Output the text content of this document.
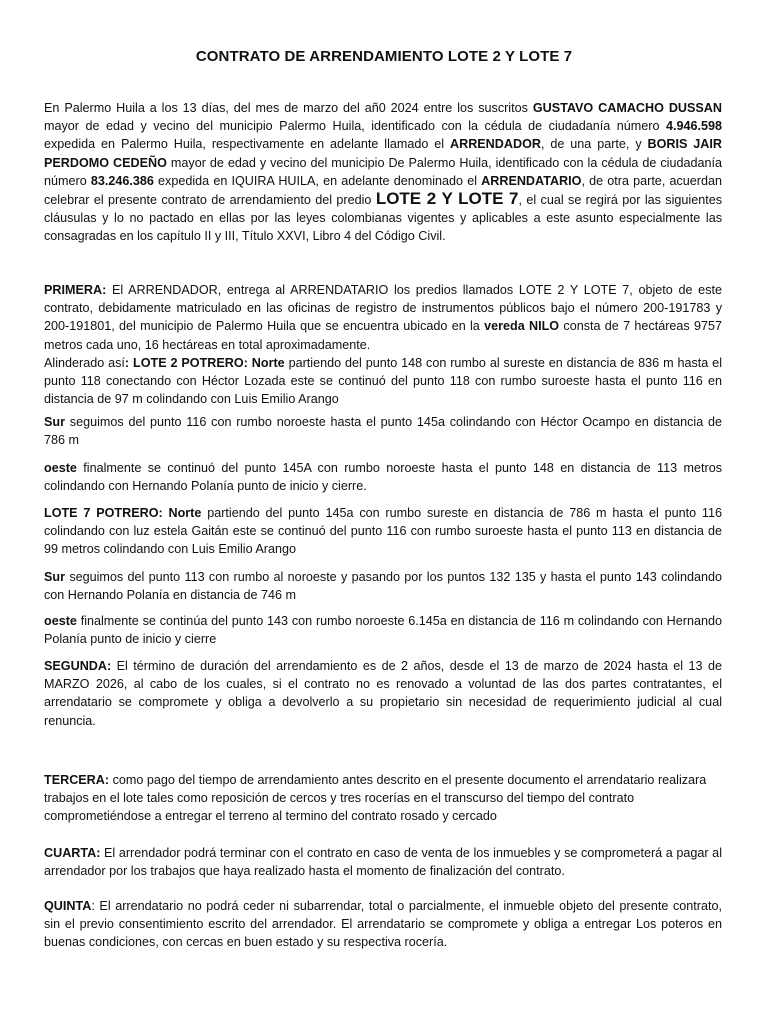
CONTRATO DE ARRENDAMIENTO LOTE 2 Y LOTE 7

En Palermo Huila a los 13 días, del mes de marzo del añ0 2024 entre los suscritos GUSTAVO CAMACHO DUSSAN mayor de edad y vecino del municipio Palermo Huila, identificado con la cédula de ciudadanía número 4.946.598 expedida en Palermo Huila, respectivamente en adelante llamado el ARRENDADOR, de una parte, y BORIS JAIR PERDOMO CEDEÑO mayor de edad y vecino del municipio De Palermo Huila, identificado con la cédula de ciudadanía número 83.246.386 expedida en IQUIRA HUILA, en adelante denominado el ARRENDATARIO, de otra parte, acuerdan celebrar el presente contrato de arrendamiento del predio LOTE 2 Y LOTE 7, el cual se regirá por las siguientes cláusulas y lo no pactado en ellas por las leyes colombianas vigentes y aplicables a este asunto especialmente las consagradas en los capítulo II y III, Título XXVI, Libro 4 del Código Civil.

PRIMERA: El ARRENDADOR, entrega al ARRENDATARIO los predios llamados LOTE 2 Y LOTE 7, objeto de este contrato, debidamente matriculado en las oficinas de registro de instrumentos públicos bajo el número 200-191783 y 200-191801, del municipio de Palermo Huila que se encuentra ubicado en la vereda NILO consta de 7 hectáreas 9757 metros cada uno, 16 hectáreas en total aproximadamente.
Alinderado así: LOTE 2 POTRERO: Norte partiendo del punto 148 con rumbo al sureste en distancia de 836 m hasta el punto 118 conectando con Héctor Lozada este se continuó del punto 118 con rumbo suroeste hasta el punto 116 en distancia de 97 m colindando con Luis Emilio Arango

Sur seguimos del punto 116 con rumbo noroeste hasta el punto 145a colindando con Héctor Ocampo en distancia de 786 m

oeste finalmente se continuó del punto 145A con rumbo noroeste hasta el punto 148 en distancia de 113 metros colindando con Hernando Polanía punto de inicio y cierre.

LOTE 7 POTRERO: Norte partiendo del punto 145a con rumbo sureste en distancia de 786 m hasta el punto 116 colindando con luz estela Gaitán este se continuó del punto 116 con rumbo suroeste hasta el punto 113 en distancia de 99 metros colindando con Luis Emilio Arango

Sur seguimos del punto 113 con rumbo al noroeste y pasando por los puntos 132 135 y hasta el punto 143 colindando con Hernando Polanía en distancia de 746 m

oeste finalmente se continúa del punto 143 con rumbo noroeste 6.145a en distancia de 116 m colindando con Hernando Polanía punto de inicio y cierre

SEGUNDA: El término de duración del arrendamiento es de 2 años, desde el 13 de marzo de 2024 hasta el 13 de MARZO 2026, al cabo de los cuales, si el contrato no es renovado a voluntad de las dos partes contratantes, el arrendatario se compromete y obliga a devolverlo a su propietario sin necesidad de requerimiento judicial al cual renuncia.

TERCERA: como pago del tiempo de arrendamiento antes descrito en el presente documento el arrendatario realizara trabajos en el lote tales como reposición de cercos y tres rocerías en el transcurso del tiempo del contrato comprometiéndose a entregar el terreno al termino del contrato rosado y cercado

CUARTA: El arrendador podrá terminar con el contrato en caso de venta de los inmuebles y se comprometerá a pagar al arrendador por los trabajos que haya realizado hasta el momento de finalización del contrato.

QUINTA: El arrendatario no podrá ceder ni subarrendar, total o parcialmente, el inmueble objeto del presente contrato, sin el previo consentimiento escrito del arrendador. El arrendatario se compromete y obliga a entregar Los poteros en buenas condiciones, con cercas en buen estado y su respectiva rocería.
